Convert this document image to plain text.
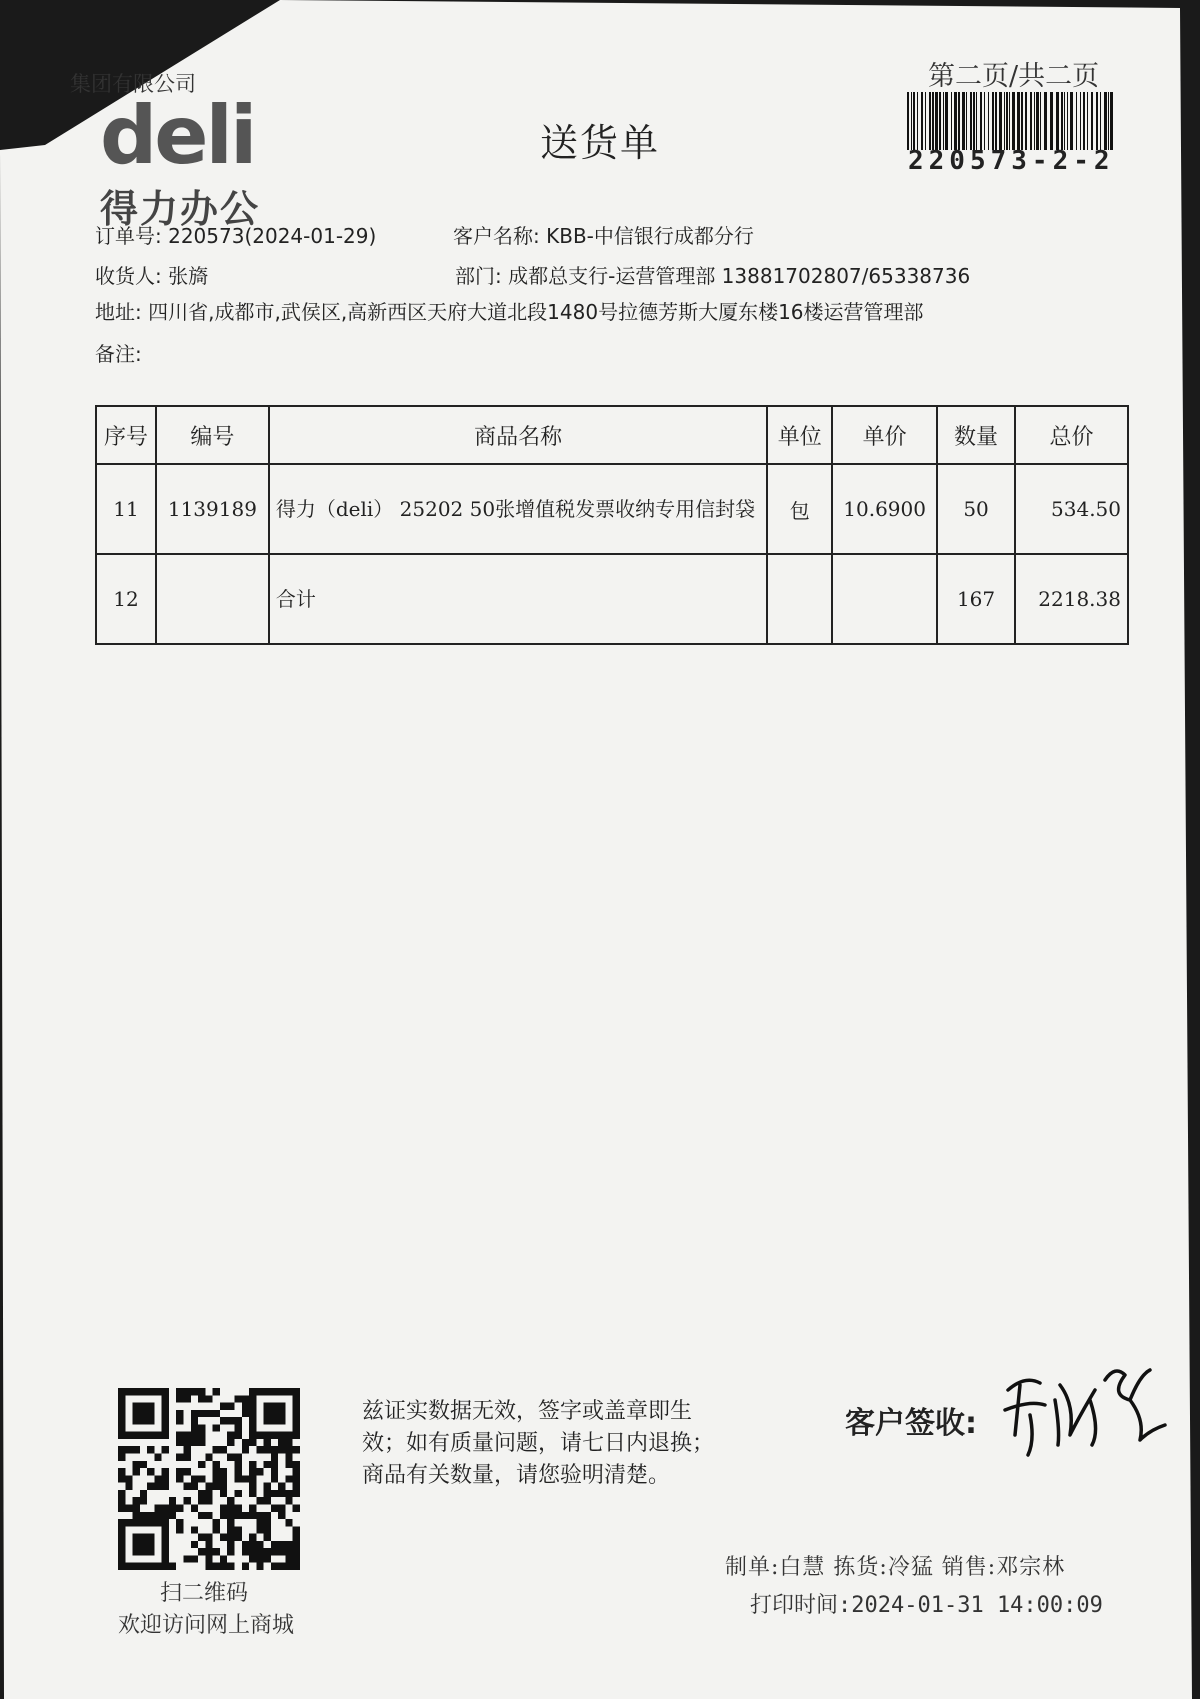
集团有限公司
deli
得力办公
送货单
第二页/共二页
220573-2-2
订单号: 220573(2024-01-29)	客户名称: KBB-中信银行成都分行
收货人: 张旖	部门: 成都总支行-运营管理部 13881702807/65338736
地址: 四川省,成都市,武侯区,高新西区天府大道北段1480号拉德芳斯大厦东楼16楼运营管理部
备注:
序号	编号	商品名称	单位	单价	数量	总价
11	1139189	得力（deli） 25202 50张增值税发票收纳专用信封袋	包	10.6900	50	534.50
12		合计			167	2218.38
扫二维码
欢迎访问网上商城
兹证实数据无效，签字或盖章即生
效；如有质量问题，请七日内退换；
商品有关数量，请您验明清楚。
客户签收:
制单:白慧 拣货:冷猛 销售:邓宗林
打印时间:2024-01-31 14:00:09
